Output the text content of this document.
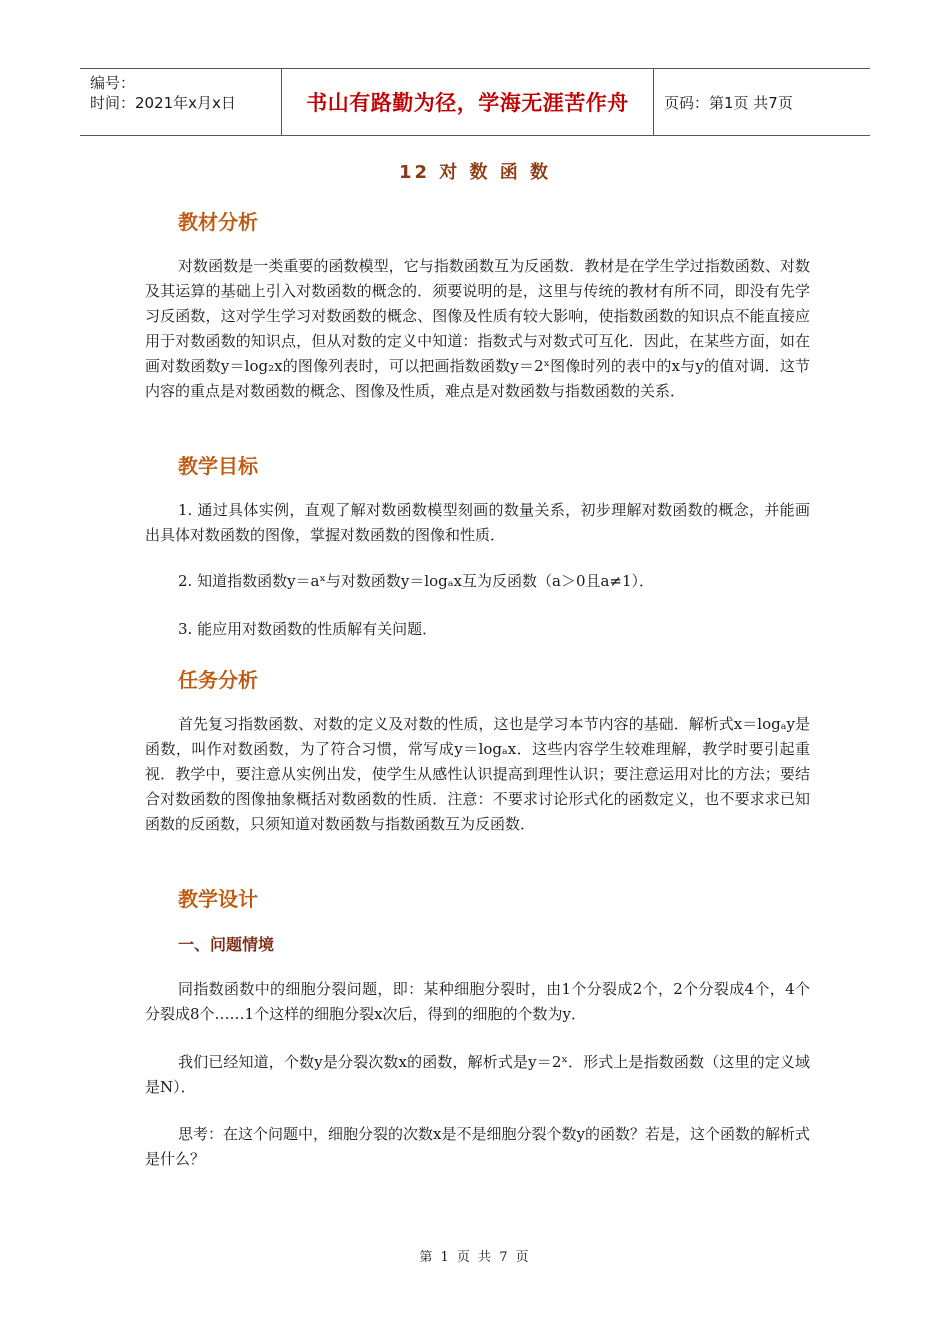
编号：
时间：2021年x月x日	书山有路勤为径，学海无涯苦作舟 页码：第1页 共7页
12 对 数 函 数
教材分析

对数函数是一类重要的函数模型，它与指数函数互为反函数．教材是在学生学过指数函数、对数及其运算的基础上引入对数函数的概念的．须要说明的是，这里与传统的教材有所不同，即没有先学习反函数，这对学生学习对数函数的概念、图像及性质有较大影响，使指数函数的知识点不能直接应用于对数函数的知识点，但从对数的定义中知道：指数式与对数式可互化．因此，在某些方面，如在画对数函数y＝log₂x的图像列表时，可以把画指数函数y＝2ˣ图像时列的表中的x与y的值对调．这节内容的重点是对数函数的概念、图像及性质，难点是对数函数与指数函数的关系．

教学目标

1. 通过具体实例，直观了解对数函数模型刻画的数量关系，初步理解对数函数的概念，并能画出具体对数函数的图像，掌握对数函数的图像和性质．

2. 知道指数函数y＝aˣ与对数函数y＝logₐx互为反函数（a＞0且a≠1）．

3. 能应用对数函数的性质解有关问题．

任务分析

首先复习指数函数、对数的定义及对数的性质，这也是学习本节内容的基础．解析式x＝logₐy是函数，叫作对数函数，为了符合习惯，常写成y＝logₐx．这些内容学生较难理解，教学时要引起重视．教学中，要注意从实例出发，使学生从感性认识提高到理性认识；要注意运用对比的方法；要结合对数函数的图像抽象概括对数函数的性质．注意：不要求讨论形式化的函数定义，也不要求求已知函数的反函数，只须知道对数函数与指数函数互为反函数．

教学设计
一、问题情境

同指数函数中的细胞分裂问题，即：某种细胞分裂时，由1个分裂成2个，2个分裂成4个，4个分裂成8个……1个这样的细胞分裂x次后，得到的细胞的个数为y．

我们已经知道，个数y是分裂次数x的函数，解析式是y＝2ˣ．形式上是指数函数（这里的定义域是N）．

思考：在这个问题中，细胞分裂的次数x是不是细胞分裂个数y的函数？若是，这个函数的解析式是什么？

第 1 页 共 7 页
